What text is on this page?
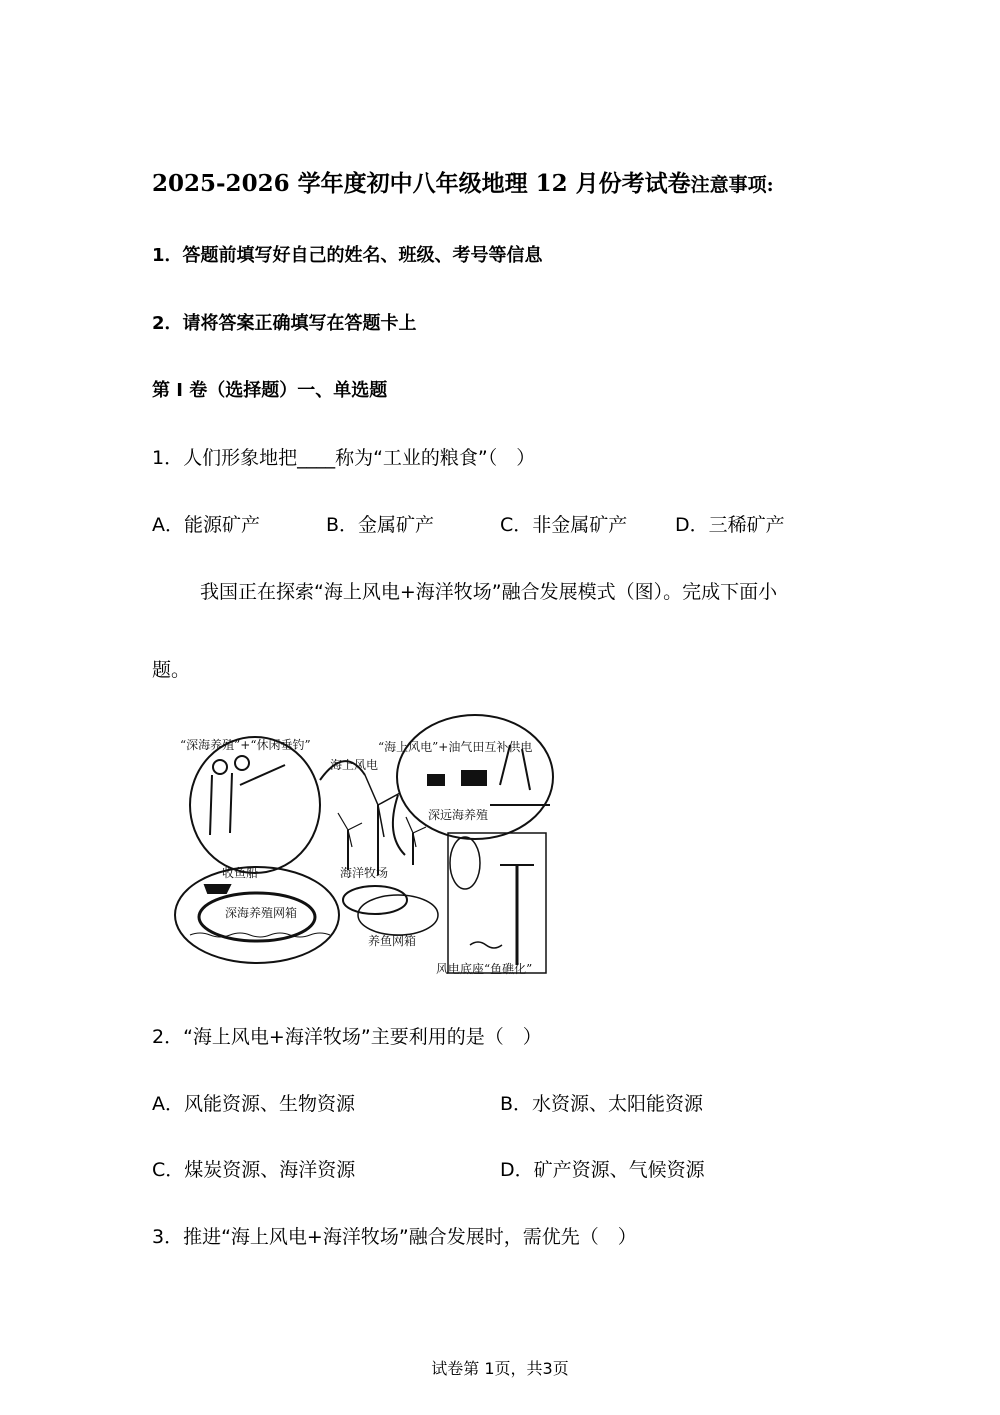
2025-2026 学年度初中八年级地理 12 月份考试卷注意事项:
1．答题前填写好自己的姓名、班级、考号等信息
2．请将答案正确填写在答题卡上
第 I 卷（选择题）一、单选题
1．人们形象地把____称为“工业的粮食”（　）
A．能源矿产	B．金属矿产	C．非金属矿产	D．三稀矿产
我国正在探索“海上风电+海洋牧场”融合发展模式（图）。完成下面小
题。
“深海养殖”+“休闲垂钓”
海上风电
“海上风电”+油气田互补供电
深远海养殖
收鱼船	海洋牧场
深海养殖网箱
养鱼网箱
风电底座“鱼礁化”
2．“海上风电+海洋牧场”主要利用的是（　）
A．风能资源、生物资源	B．水资源、太阳能资源
C．煤炭资源、海洋资源	D．矿产资源、气候资源
3．推进“海上风电+海洋牧场”融合发展时，需优先（　）
试卷第 1页，共3页
